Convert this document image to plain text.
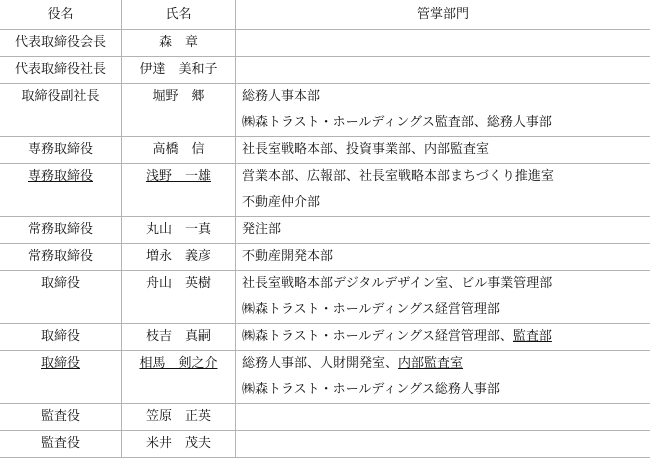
役名	氏名	管掌部門

代表取締役会長	森　章	

代表取締役社長	伊達　美和子	

取締役副社長	堀野　郷	総務人事本部
㈱森トラスト・ホールディングス監査部、総務人事部

専務取締役	高橋　信	社長室戦略本部、投資事業部、内部監査室

専務取締役	浅野　一雄	営業本部、広報部、社長室戦略本部まちづくり推進室
不動産仲介部

常務取締役	丸山　一真	発注部

常務取締役	増永　義彦	不動産開発本部

取締役	舟山　英樹	社長室戦略本部デジタルデザイン室、ビル事業管理部
㈱森トラスト・ホールディングス経営管理部

取締役	枝吉　真嗣	㈱森トラスト・ホールディングス経営管理部、監査部

取締役	相馬　剣之介	総務人事部、人財開発室、内部監査室
㈱森トラスト・ホールディングス総務人事部

監査役	笠原　正英	

監査役	米井　茂夫	
